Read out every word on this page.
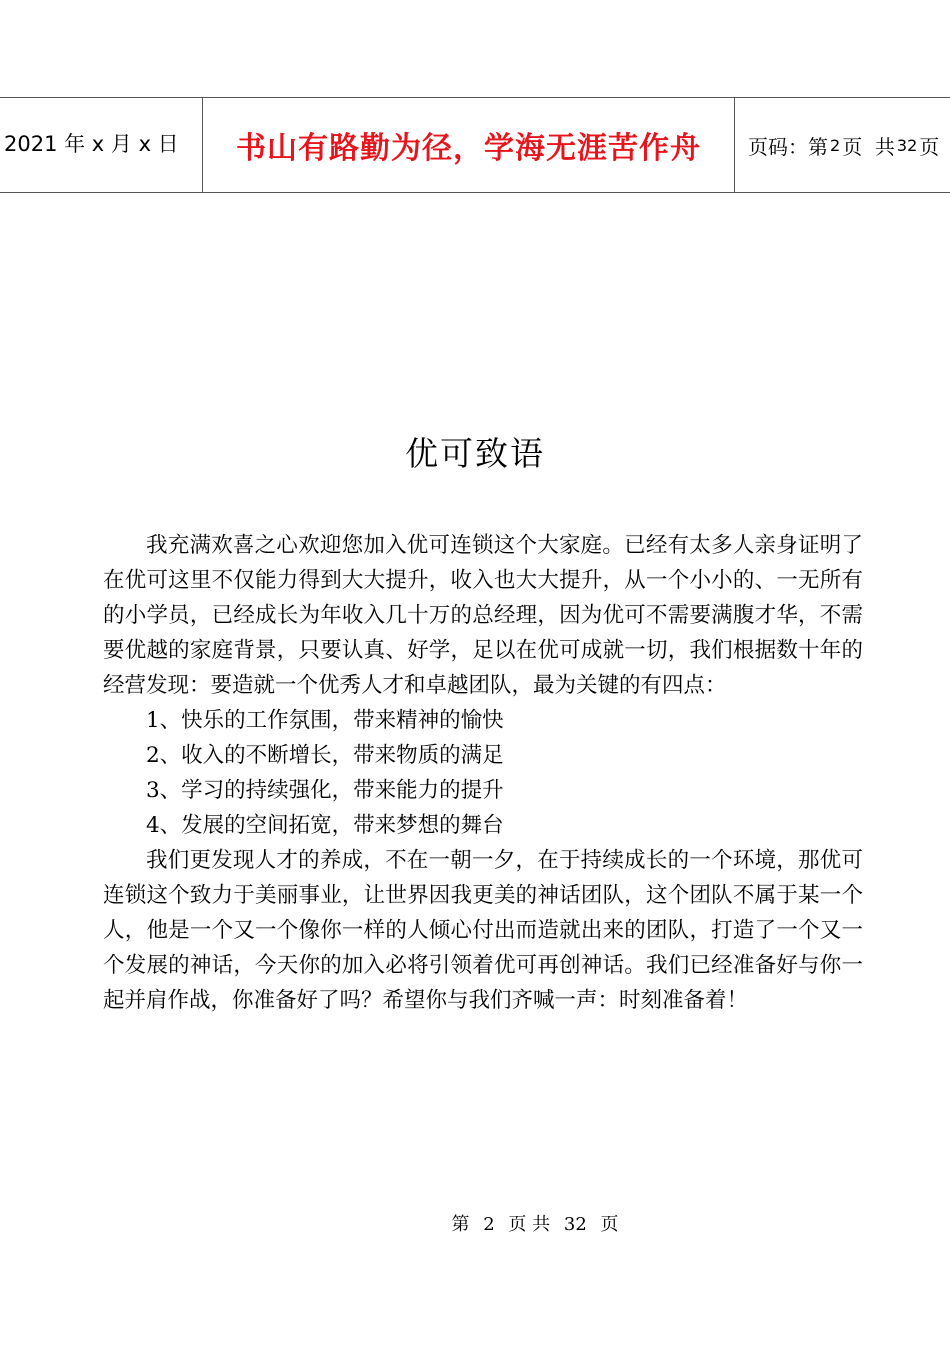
2021 年 x 月 x 日	书山有路勤为径，学海无涯苦作舟	页码：第 2 页  共 32 页
优可致语

我充满欢喜之心欢迎您加入优可连锁这个大家庭。已经有太多人亲身证明了在优可这里不仅能力得到大大提升，收入也大大提升，从一个小小的、一无所有的小学员，已经成长为年收入几十万的总经理，因为优可不需要满腹才华，不需要优越的家庭背景，只要认真、好学，足以在优可成就一切，我们根据数十年的经营发现：要造就一个优秀人才和卓越团队，最为关键的有四点：

1、快乐的工作氛围，带来精神的愉快

2、收入的不断增长，带来物质的满足

3、学习的持续强化，带来能力的提升

4、发展的空间拓宽，带来梦想的舞台

我们更发现人才的养成，不在一朝一夕，在于持续成长的一个环境，那优可连锁这个致力于美丽事业，让世界因我更美的神话团队，这个团队不属于某一个人，他是一个又一个像你一样的人倾心付出而造就出来的团队，打造了一个又一个发展的神话，今天你的加入必将引领着优可再创神话。我们已经准备好与你一起并肩作战，你准备好了吗？希望你与我们齐喊一声：时刻准备着！

第 2 页 共 32 页
